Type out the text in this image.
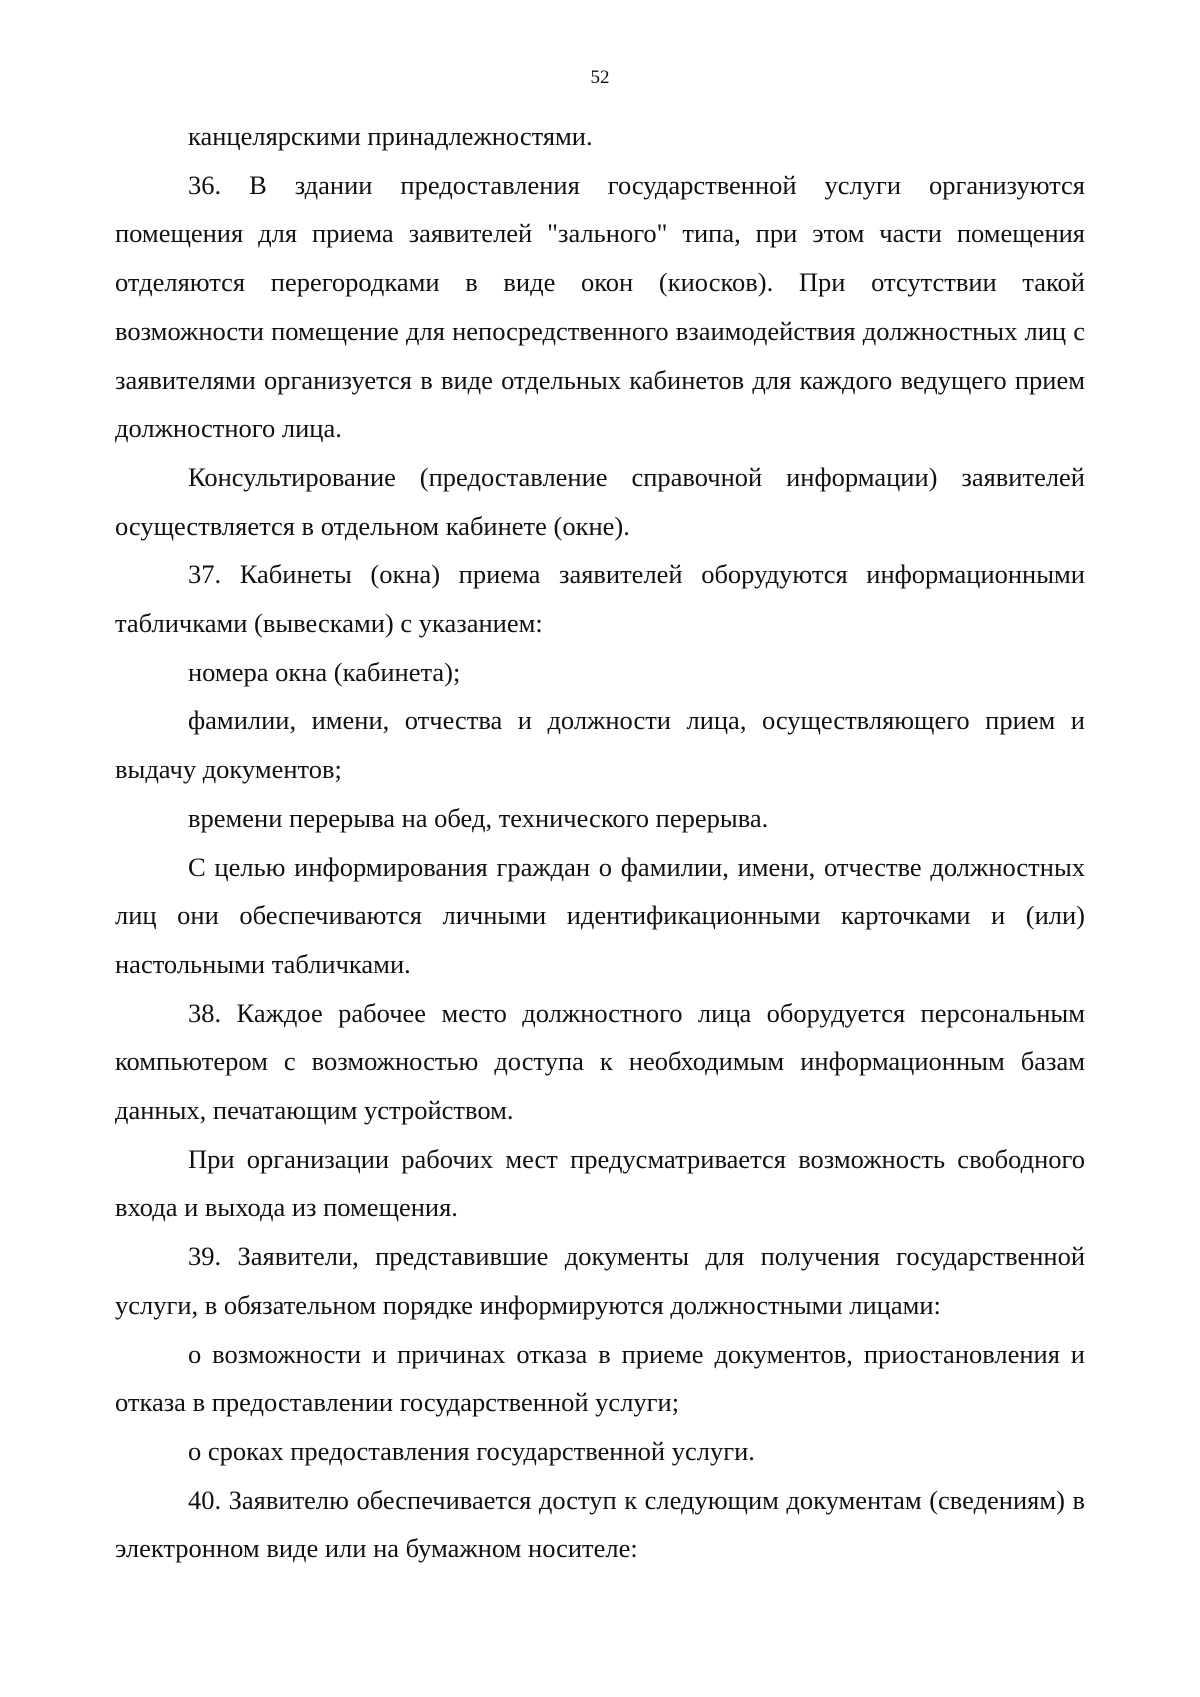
52

канцелярскими принадлежностями.

36. В здании предоставления государственной услуги организуются помещения для приема заявителей "зального" типа, при этом части помещения отделяются перегородками в виде окон (киосков). При отсутствии такой возможности помещение для непосредственного взаимодействия должностных лиц с заявителями организуется в виде отдельных кабинетов для каждого ведущего прием должностного лица.

Консультирование (предоставление справочной информации) заявителей осуществляется в отдельном кабинете (окне).

37. Кабинеты (окна) приема заявителей оборудуются информационными табличками (вывесками) с указанием:

номера окна (кабинета);

фамилии, имени, отчества и должности лица, осуществляющего прием и выдачу документов;

времени перерыва на обед, технического перерыва.

С целью информирования граждан о фамилии, имени, отчестве должностных лиц они обеспечиваются личными идентификационными карточками и (или) настольными табличками.

38. Каждое рабочее место должностного лица оборудуется персональным компьютером с возможностью доступа к необходимым информационным базам данных, печатающим устройством.

При организации рабочих мест предусматривается возможность свободного входа и выхода из помещения.

39. Заявители, представившие документы для получения государственной услуги, в обязательном порядке информируются должностными лицами:

о возможности и причинах отказа в приеме документов, приостановления и отказа в предоставлении государственной услуги;

о сроках предоставления государственной услуги.

40. Заявителю обеспечивается доступ к следующим документам (сведениям) в электронном виде или на бумажном носителе:
